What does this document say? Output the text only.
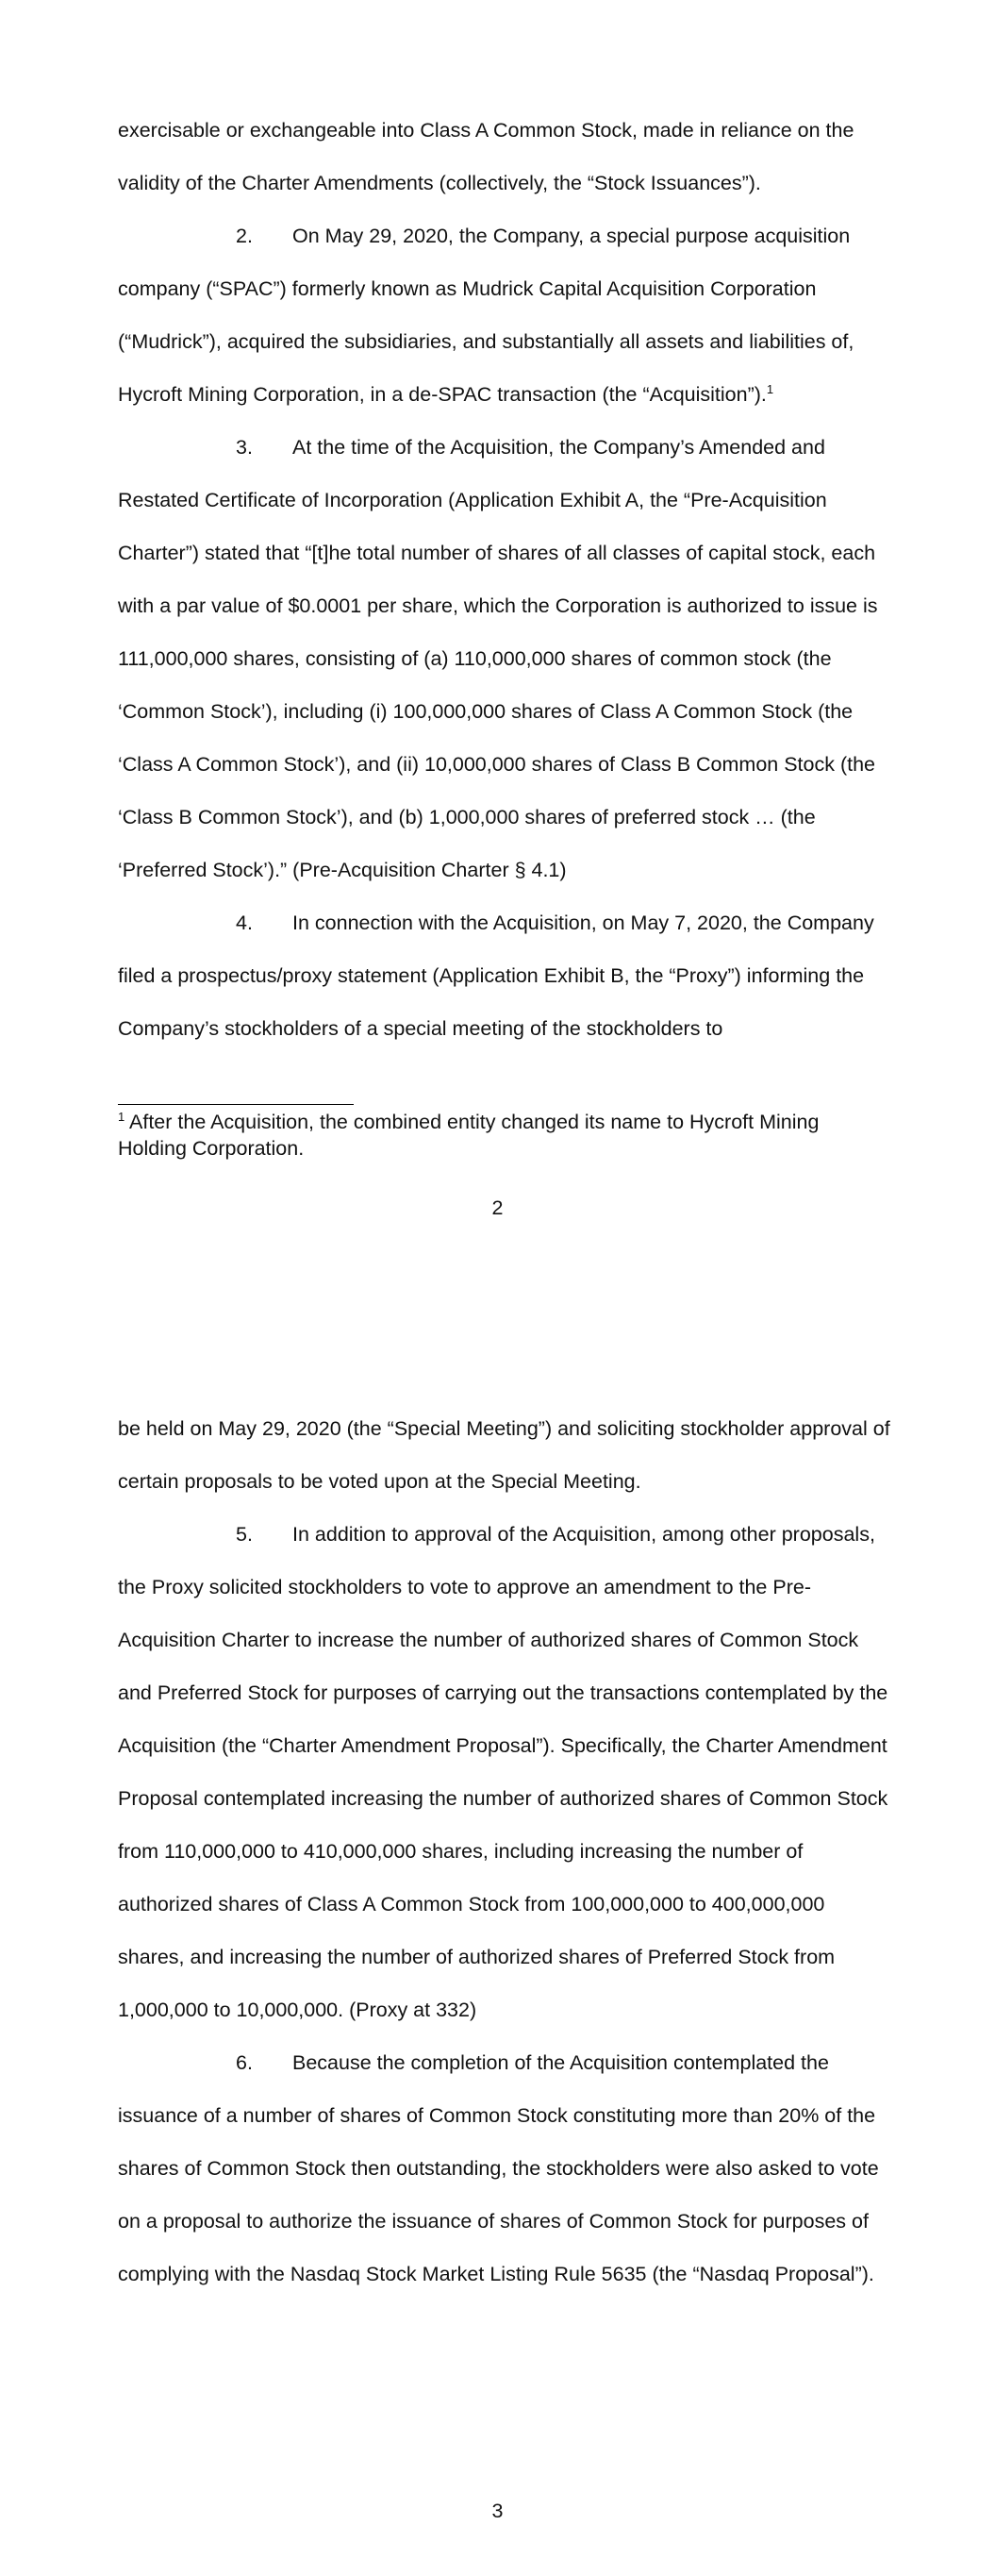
exercisable or exchangeable into Class A Common Stock, made in reliance on the validity of the Charter Amendments (collectively, the “Stock Issuances”).

2. On May 29, 2020, the Company, a special purpose acquisition company (“SPAC”) formerly known as Mudrick Capital Acquisition Corporation (“Mudrick”), acquired the subsidiaries, and substantially all assets and liabilities of, Hycroft Mining Corporation, in a de-SPAC transaction (the “Acquisition”).$^1$

3. At the time of the Acquisition, the Company’s Amended and Restated Certificate of Incorporation (Application Exhibit A, the “Pre-Acquisition Charter”) stated that “[t]he total number of shares of all classes of capital stock, each with a par value of $0.0001 per share, which the Corporation is authorized to issue is 111,000,000 shares, consisting of (a) 110,000,000 shares of common stock (the ‘Common Stock’), including (i) 100,000,000 shares of Class A Common Stock (the ‘Class A Common Stock’), and (ii) 10,000,000 shares of Class B Common Stock (the ‘Class B Common Stock’), and (b) 1,000,000 shares of preferred stock … (the ‘Preferred Stock’).” (Pre-Acquisition Charter § 4.1)

4. In connection with the Acquisition, on May 7, 2020, the Company filed a prospectus/proxy statement (Application Exhibit B, the “Proxy”) informing the Company’s stockholders of a special meeting of the stockholders to

$^1$ After the Acquisition, the combined entity changed its name to Hycroft Mining Holding Corporation.
2

be held on May 29, 2020 (the “Special Meeting”) and soliciting stockholder approval of certain proposals to be voted upon at the Special Meeting.

5. In addition to approval of the Acquisition, among other proposals, the Proxy solicited stockholders to vote to approve an amendment to the Pre-Acquisition Charter to increase the number of authorized shares of Common Stock and Preferred Stock for purposes of carrying out the transactions contemplated by the Acquisition (the “Charter Amendment Proposal”). Specifically, the Charter Amendment Proposal contemplated increasing the number of authorized shares of Common Stock from 110,000,000 to 410,000,000 shares, including increasing the number of authorized shares of Class A Common Stock from 100,000,000 to 400,000,000 shares, and increasing the number of authorized shares of Preferred Stock from 1,000,000 to 10,000,000. (Proxy at 332)

6. Because the completion of the Acquisition contemplated the issuance of a number of shares of Common Stock constituting more than 20% of the shares of Common Stock then outstanding, the stockholders were also asked to vote on a proposal to authorize the issuance of shares of Common Stock for purposes of complying with the Nasdaq Stock Market Listing Rule 5635 (the “Nasdaq Proposal”).

3
